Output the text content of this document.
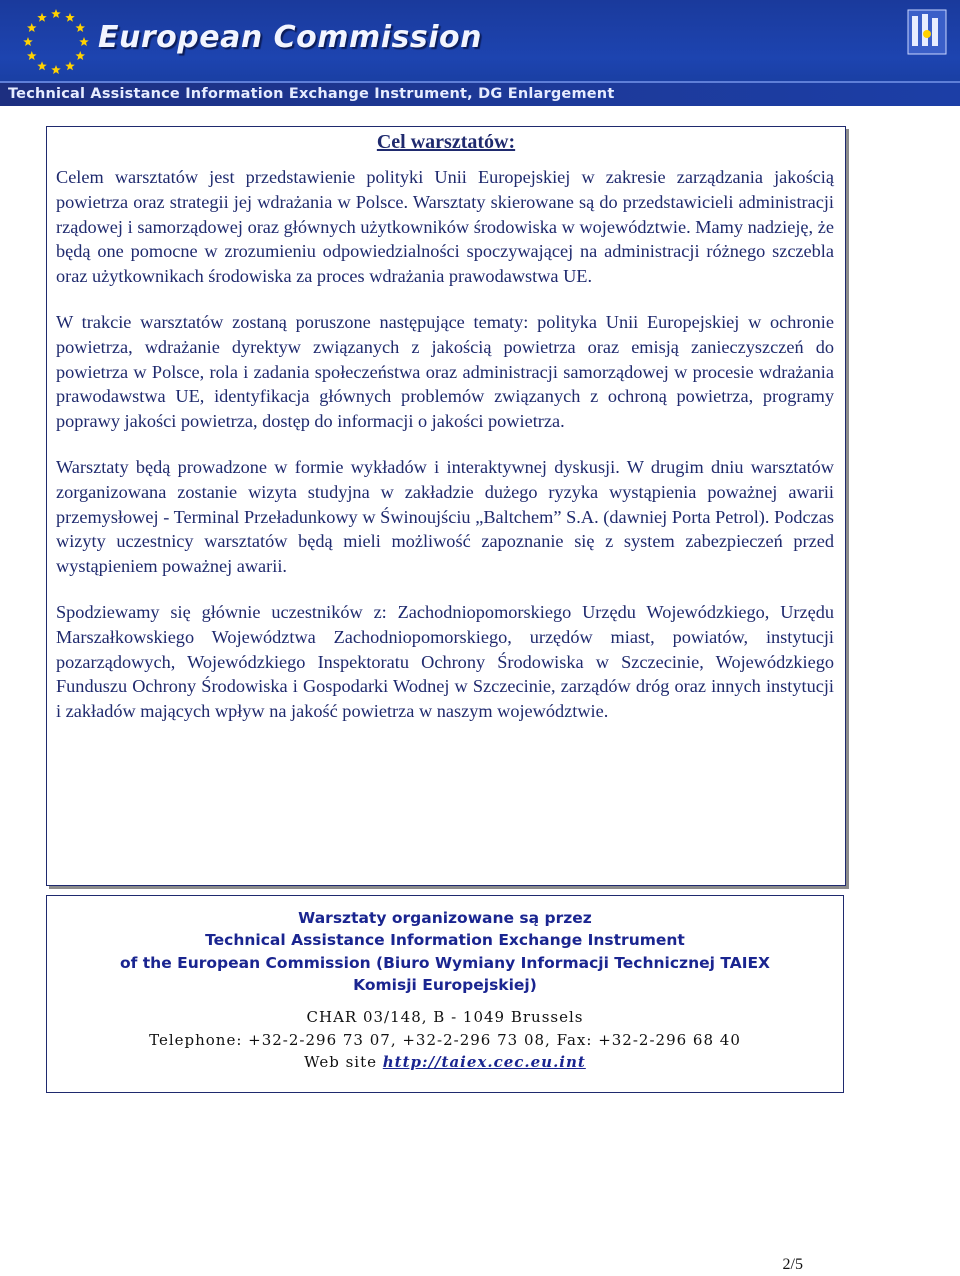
European Commission
Technical Assistance Information Exchange Instrument, DG Enlargement
Cel warsztatów:

Celem warsztatów jest przedstawienie polityki Unii Europejskiej w zakresie zarządzania jakością powietrza oraz strategii jej wdrażania w Polsce. Warsztaty skierowane są do przedstawicieli administracji rządowej i samorządowej oraz głównych użytkowników środowiska w województwie. Mamy nadzieję, że będą one pomocne w zrozumieniu odpowiedzialności spoczywającej na administracji różnego szczebla oraz użytkownikach środowiska za proces wdrażania prawodawstwa UE.

W trakcie warsztatów zostaną poruszone następujące tematy: polityka Unii Europejskiej w ochronie powietrza, wdrażanie dyrektyw związanych z jakością powietrza oraz emisją zanieczyszczeń do powietrza w Polsce, rola i zadania społeczeństwa oraz administracji samorządowej w procesie wdrażania prawodawstwa UE, identyfikacja głównych problemów związanych z ochroną powietrza, programy poprawy jakości powietrza, dostęp do informacji o jakości powietrza.

Warsztaty będą prowadzone w formie wykładów i interaktywnej dyskusji. W drugim dniu warsztatów zorganizowana zostanie wizyta studyjna w zakładzie dużego ryzyka wystąpienia poważnej awarii przemysłowej - Terminal Przeładunkowy w Świnoujściu „Baltchem” S.A. (dawniej Porta Petrol). Podczas wizyty uczestnicy warsztatów będą mieli możliwość zapoznanie się z system zabezpieczeń przed wystąpieniem poważnej awarii.

Spodziewamy się głównie uczestników z: Zachodniopomorskiego Urzędu Wojewódzkiego, Urzędu Marszałkowskiego Województwa Zachodniopomorskiego, urzędów miast, powiatów, instytucji pozarządowych, Wojewódzkiego Inspektoratu Ochrony Środowiska w Szczecinie, Wojewódzkiego Funduszu Ochrony Środowiska i Gospodarki Wodnej w Szczecinie, zarządów dróg oraz innych instytucji i zakładów mających wpływ na jakość powietrza w naszym województwie.

Warsztaty organizowane są przez
Technical Assistance Information Exchange Instrument
of the European Commission (Biuro Wymiany Informacji Technicznej TAIEX
Komisji Europejskiej)
CHAR 03/148, B - 1049 Brussels
Telephone: +32-2-296 73 07, +32-2-296 73 08, Fax: +32-2-296 68 40
Web site http://taiex.cec.eu.int
2/5
